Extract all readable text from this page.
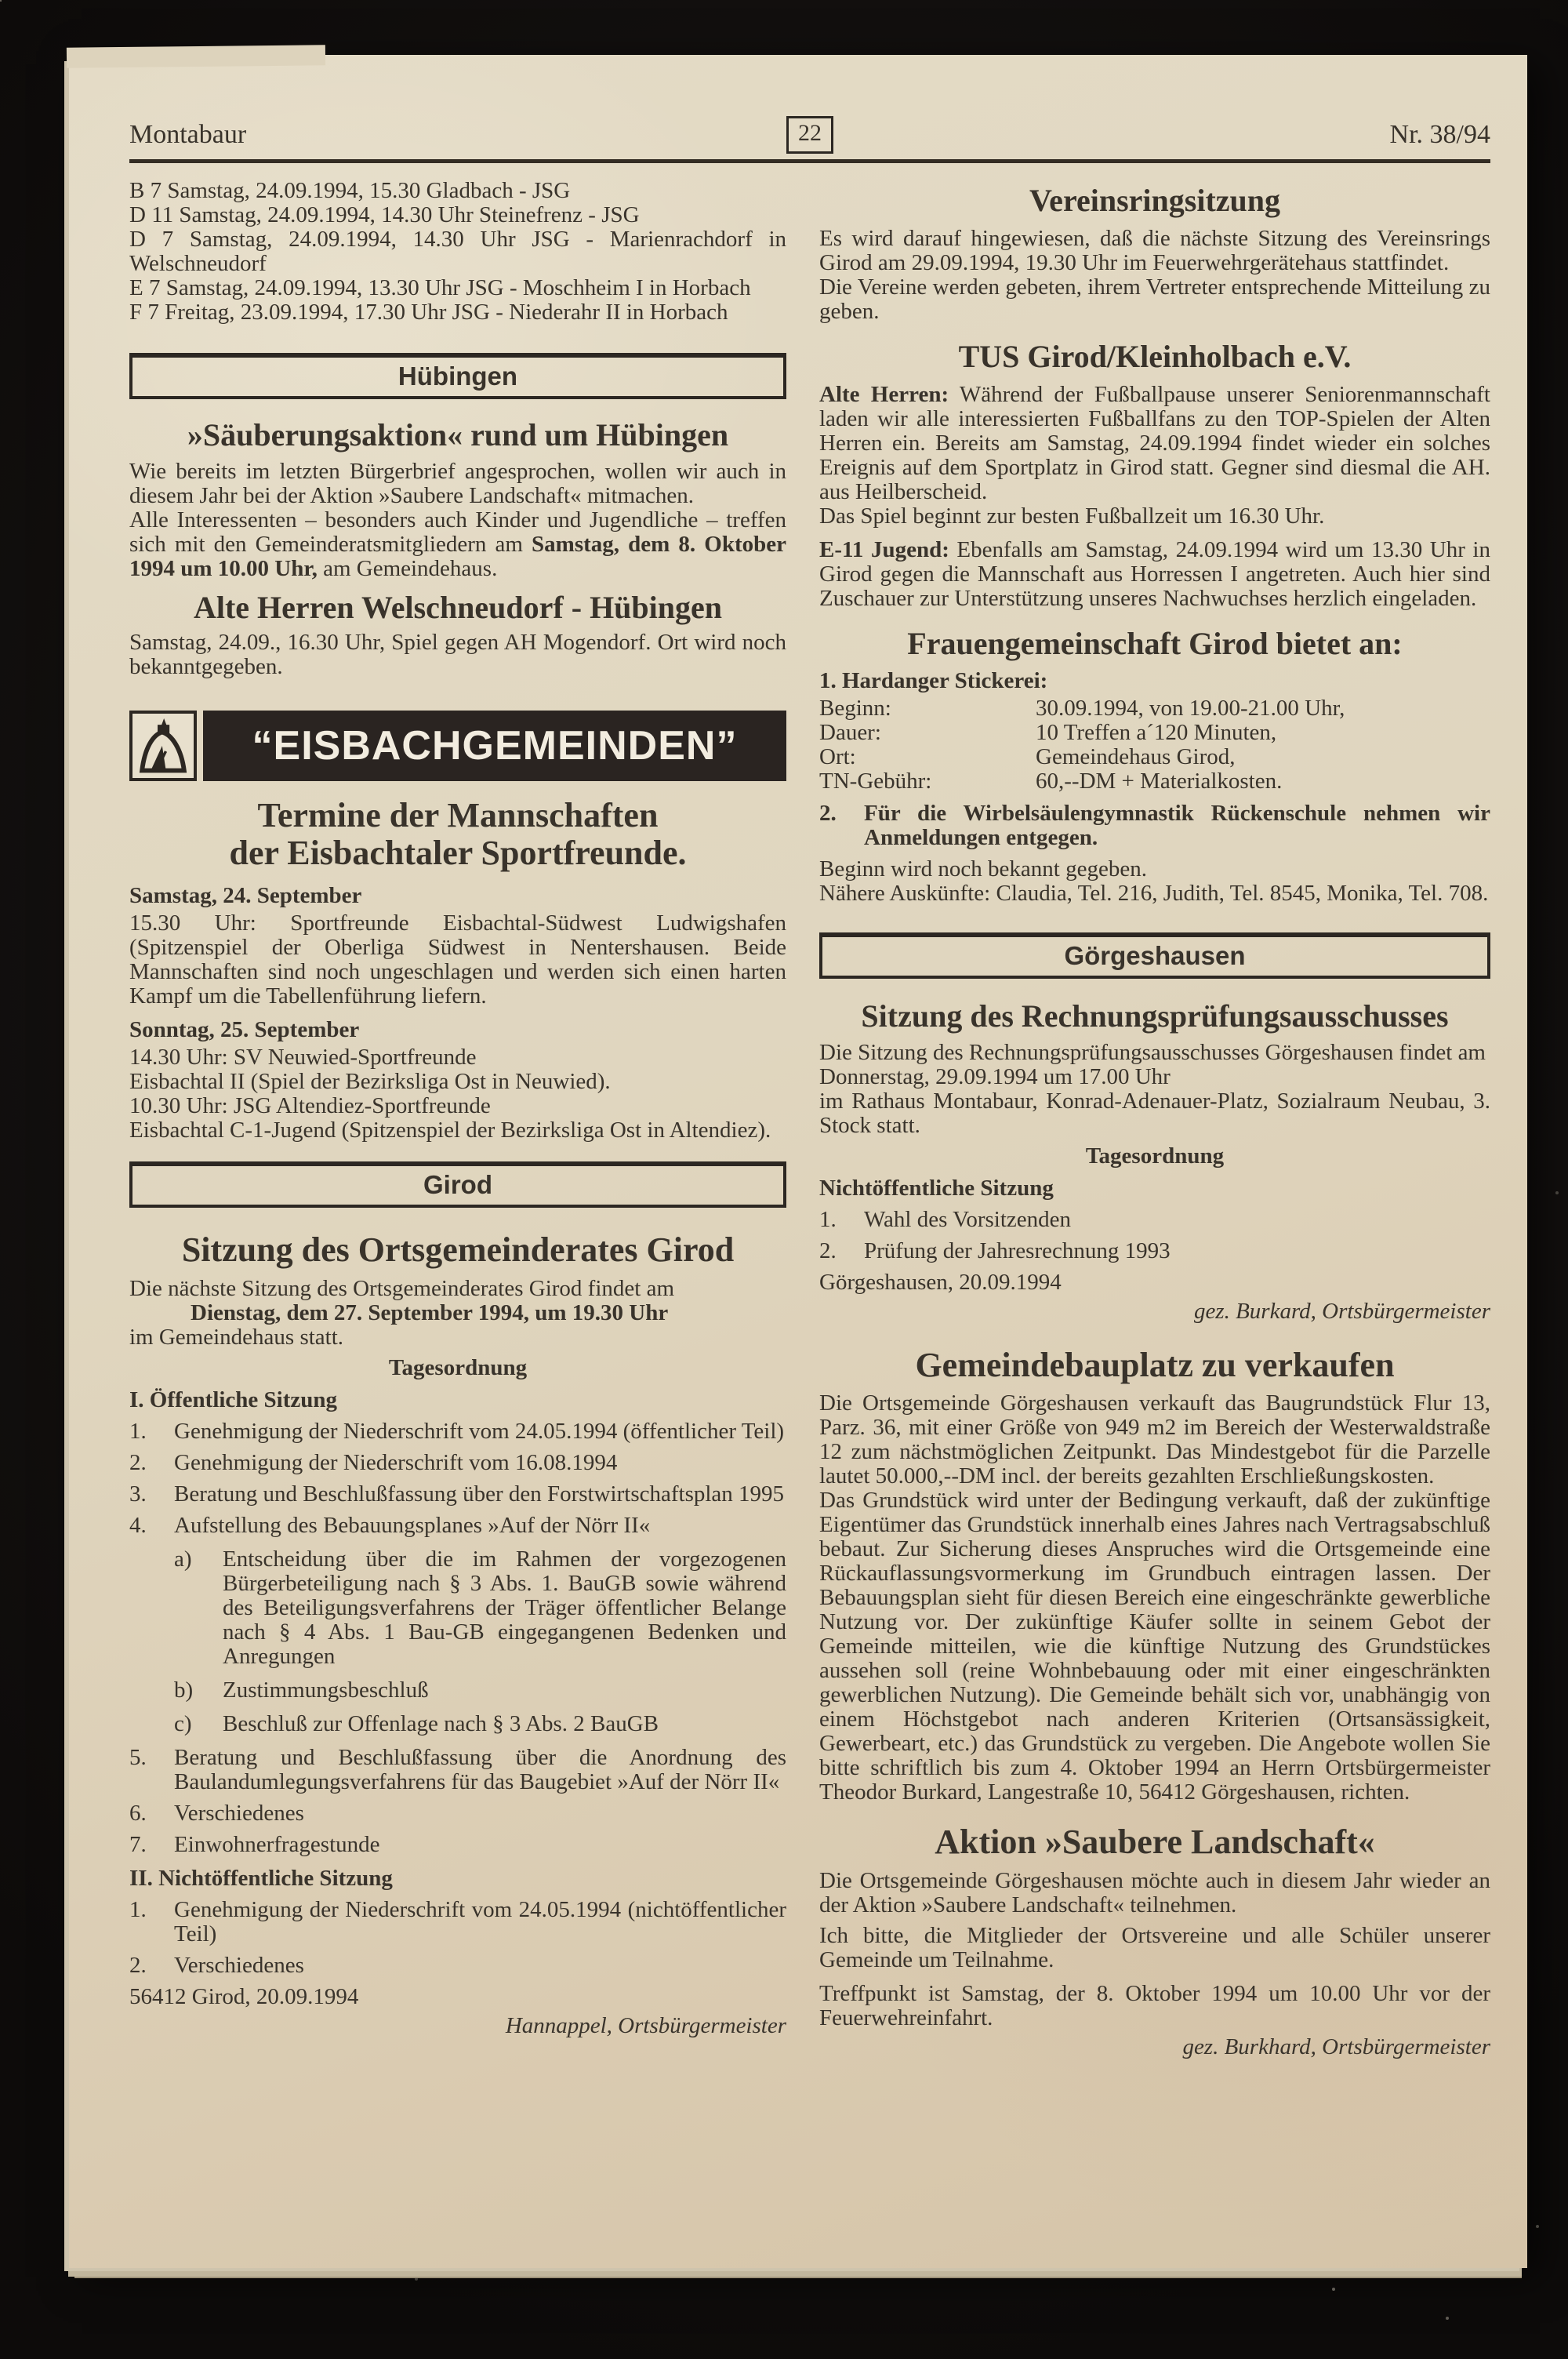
Montabaur	Nr. 38/94
22

B 7 Samstag, 24.09.1994, 15.30 Gladbach - JSG

D 11 Samstag, 24.09.1994, 14.30 Uhr Steinefrenz - JSG

D 7 Samstag, 24.09.1994, 14.30 Uhr JSG - Marienrachdorf in Welschneudorf

E 7 Samstag, 24.09.1994, 13.30 Uhr JSG - Moschheim I in Horbach

F 7 Freitag, 23.09.1994, 17.30 Uhr JSG - Niederahr II in Horbach

Hübingen
»Säuberungsaktion« rund um Hübingen

Wie bereits im letzten Bürgerbrief angesprochen, wollen wir auch in diesem Jahr bei der Aktion »Saubere Landschaft« mitmachen.

Alle Interessenten – besonders auch Kinder und Jugendliche – treffen sich mit den Gemeinderatsmitgliedern am Samstag, dem 8. Oktober 1994 um 10.00 Uhr, am Gemeindehaus.

Alte Herren Welschneudorf - Hübingen

Samstag, 24.09., 16.30 Uhr, Spiel gegen AH Mogendorf. Ort wird noch bekanntgegeben.

“EISBACHGEMEINDEN”
Termine der Mannschaften
der Eisbachtaler Sportfreunde.

Samstag, 24. September

15.30 Uhr: Sportfreunde Eisbachtal-Südwest Ludwigshafen (Spitzenspiel der Oberliga Südwest in Nentershausen. Beide Mannschaften sind noch ungeschlagen und werden sich einen harten Kampf um die Tabellenführung liefern.

Sonntag, 25. September

14.30 Uhr: SV Neuwied-Sportfreunde

Eisbachtal II (Spiel der Bezirksliga Ost in Neuwied).

10.30 Uhr: JSG Altendiez-Sportfreunde

Eisbachtal C-1-Jugend (Spitzenspiel der Bezirksliga Ost in Altendiez).

Girod
Sitzung des Ortsgemeinderates Girod

Die nächste Sitzung des Ortsgemeinderates Girod findet am

Dienstag, dem 27. September 1994, um 19.30 Uhr

im Gemeindehaus statt.

Tagesordnung

I. Öffentliche Sitzung

1. Genehmigung der Niederschrift vom 24.05.1994 (öffentlicher Teil)
2. Genehmigung der Niederschrift vom 16.08.1994
3. Beratung und Beschlußfassung über den Forstwirtschaftsplan 1995
4. Aufstellung des Bebauungsplanes »Auf der Nörr II«
a) Entscheidung über die im Rahmen der vorgezogenen Bürgerbeteiligung nach § 3 Abs. 1. BauGB sowie während des Beteiligungsverfahrens der Träger öffentlicher Belange nach § 4 Abs. 1 Bau-GB eingegangenen Bedenken und Anregungen
b) Zustimmungsbeschluß
c) Beschluß zur Offenlage nach § 3 Abs. 2 BauGB
5. Beratung und Beschlußfassung über die Anordnung des Baulandumlegungsverfahrens für das Baugebiet »Auf der Nörr II«
6. Verschiedenes
7. Einwohnerfragestunde

II. Nichtöffentliche Sitzung

1. Genehmigung der Niederschrift vom 24.05.1994 (nichtöffentlicher Teil)
2. Verschiedenes

56412 Girod, 20.09.1994

Hannappel, Ortsbürgermeister

Vereinsringsitzung

Es wird darauf hingewiesen, daß die nächste Sitzung des Vereinsrings Girod am 29.09.1994, 19.30 Uhr im Feuerwehrgerätehaus stattfindet.

Die Vereine werden gebeten, ihrem Vertreter entsprechende Mitteilung zu geben.

TUS Girod/Kleinholbach e.V.

Alte Herren: Während der Fußballpause unserer Seniorenmannschaft laden wir alle interessierten Fußballfans zu den TOP-Spielen der Alten Herren ein. Bereits am Samstag, 24.09.1994 findet wieder ein solches Ereignis auf dem Sportplatz in Girod statt. Gegner sind diesmal die AH. aus Heilberscheid.

Das Spiel beginnt zur besten Fußballzeit um 16.30 Uhr.

E-11 Jugend: Ebenfalls am Samstag, 24.09.1994 wird um 13.30 Uhr in Girod gegen die Mannschaft aus Horressen I angetreten. Auch hier sind Zuschauer zur Unterstützung unseres Nachwuchses herzlich eingeladen.

Frauengemeinschaft Girod bietet an:

1. Hardanger Stickerei:

Beginn:	30.09.1994, von 19.00-21.00 Uhr,
Dauer:	10 Treffen a´120 Minuten,
Ort:	Gemeindehaus Girod,
TN-Gebühr:	60,--DM + Materialkosten.
2. Für die Wirbelsäulengymnastik Rückenschule nehmen wir Anmeldungen entgegen.

Beginn wird noch bekannt gegeben.

Nähere Auskünfte: Claudia, Tel. 216, Judith, Tel. 8545, Monika, Tel. 708.

Görgeshausen
Sitzung des Rechnungsprüfungsausschusses

Die Sitzung des Rechnungsprüfungsausschusses Görgeshausen findet am

Donnerstag, 29.09.1994 um 17.00 Uhr

im Rathaus Montabaur, Konrad-Adenauer-Platz, Sozialraum Neubau, 3. Stock statt.

Tagesordnung

Nichtöffentliche Sitzung

1. Wahl des Vorsitzenden
2. Prüfung der Jahresrechnung 1993

Görgeshausen, 20.09.1994

gez. Burkard, Ortsbürgermeister

Gemeindebauplatz zu verkaufen

Die Ortsgemeinde Görgeshausen verkauft das Baugrundstück Flur 13, Parz. 36, mit einer Größe von 949 m2 im Bereich der Westerwaldstraße 12 zum nächstmöglichen Zeitpunkt. Das Mindestgebot für die Parzelle lautet 50.000,--DM incl. der bereits gezahlten Erschließungskosten.

Das Grundstück wird unter der Bedingung verkauft, daß der zukünftige Eigentümer das Grundstück innerhalb eines Jahres nach Vertragsabschluß bebaut. Zur Sicherung dieses Anspruches wird die Ortsgemeinde eine Rückauflassungsvormerkung im Grundbuch eintragen lassen. Der Bebauungsplan sieht für diesen Bereich eine eingeschränkte gewerbliche Nutzung vor. Der zukünftige Käufer sollte in seinem Gebot der Gemeinde mitteilen, wie die künftige Nutzung des Grundstückes aussehen soll (reine Wohnbebauung oder mit einer eingeschränkten gewerblichen Nutzung). Die Gemeinde behält sich vor, unabhängig von einem Höchstgebot nach anderen Kriterien (Ortsansässigkeit, Gewerbeart, etc.) das Grundstück zu vergeben. Die Angebote wollen Sie bitte schriftlich bis zum 4. Oktober 1994 an Herrn Ortsbürgermeister Theodor Burkard, Langestraße 10, 56412 Görgeshausen, richten.

Aktion »Saubere Landschaft«

Die Ortsgemeinde Görgeshausen möchte auch in diesem Jahr wieder an der Aktion »Saubere Landschaft« teilnehmen.

Ich bitte, die Mitglieder der Ortsvereine und alle Schüler unserer Gemeinde um Teilnahme.

Treffpunkt ist Samstag, der 8. Oktober 1994 um 10.00 Uhr vor der Feuerwehreinfahrt.

gez. Burkhard, Ortsbürgermeister
